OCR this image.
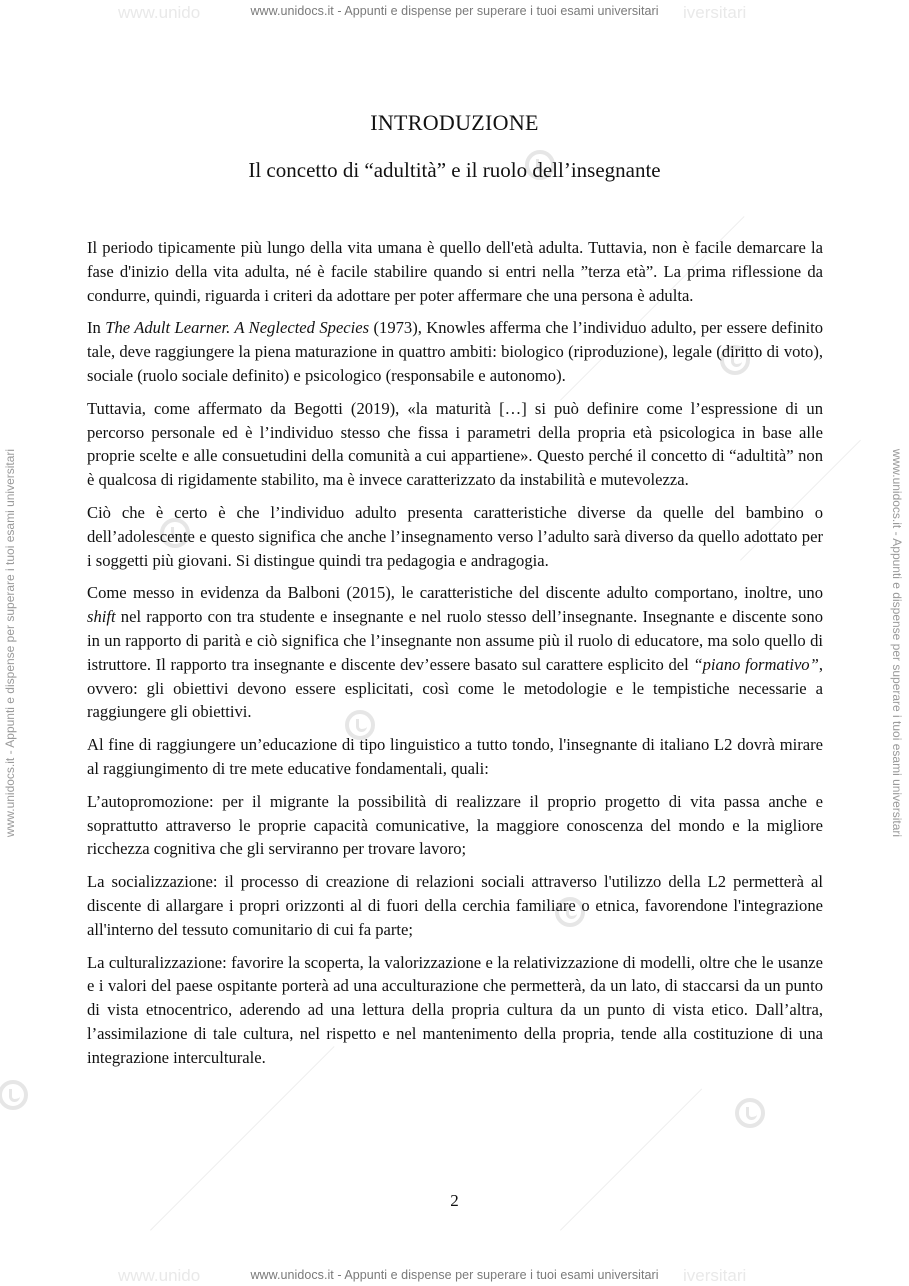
www.unido	iversitari
www.unido	iversitari
www.unidocs.it - Appunti e dispense per superare i tuoi esami universitari
www.unidocs.it - Appunti e dispense per superare i tuoi esami universitari
www.unidocs.it - Appunti e dispense per superare i tuoi esami universitari	www.unidocs.it - Appunti e dispense per superare i tuoi esami universitari
INTRODUZIONE
Il concetto di “adultità” e il ruolo dell’insegnante

Il periodo tipicamente più lungo della vita umana è quello dell'età adulta. Tuttavia, non è facile demarcare la fase d'inizio della vita adulta, né è facile stabilire quando si entri nella ”terza età”. La prima riflessione da condurre, quindi, riguarda i criteri da adottare per poter affermare che una persona è adulta.

In The Adult Learner. A Neglected Species (1973), Knowles afferma che l’individuo adulto, per essere definito tale, deve raggiungere la piena maturazione in quattro ambiti: biologico (riproduzione), legale (diritto di voto), sociale (ruolo sociale definito) e psicologico (responsabile e autonomo).

Tuttavia, come affermato da Begotti (2019), «la maturità […] si può definire come l’espressione di un percorso personale ed è l’individuo stesso che fissa i parametri della propria età psicologica in base alle proprie scelte e alle consuetudini della comunità a cui appartiene». Questo perché il concetto di “adultità” non è qualcosa di rigidamente stabilito, ma è invece caratterizzato da instabilità e mutevolezza.

Ciò che è certo è che l’individuo adulto presenta caratteristiche diverse da quelle del bambino o dell’adolescente e questo significa che anche l’insegnamento verso l’adulto sarà diverso da quello adottato per i soggetti più giovani. Si distingue quindi tra pedagogia e andragogia.

Come messo in evidenza da Balboni (2015), le caratteristiche del discente adulto comportano, inoltre, uno shift nel rapporto con tra studente e insegnante e nel ruolo stesso dell’insegnante. Insegnante e discente sono in un rapporto di parità e ciò significa che l’insegnante non assume più il ruolo di educatore, ma solo quello di istruttore. Il rapporto tra insegnante e discente dev’essere basato sul carattere esplicito del “piano formativo”, ovvero: gli obiettivi devono essere esplicitati, così come le metodologie e le tempistiche necessarie a raggiungere gli obiettivi.

Al fine di raggiungere un’educazione di tipo linguistico a tutto tondo, l'insegnante di italiano L2 dovrà mirare al raggiungimento di tre mete educative fondamentali, quali:

L’autopromozione: per il migrante la possibilità di realizzare il proprio progetto di vita passa anche e soprattutto attraverso le proprie capacità comunicative, la maggiore conoscenza del mondo e la migliore ricchezza cognitiva che gli serviranno per trovare lavoro;

La socializzazione: il processo di creazione di relazioni sociali attraverso l'utilizzo della L2 permetterà al discente di allargare i propri orizzonti al di fuori della cerchia familiare o etnica, favorendone l'integrazione all'interno del tessuto comunitario di cui fa parte;

La culturalizzazione: favorire la scoperta, la valorizzazione e la relativizzazione di modelli, oltre che le usanze e i valori del paese ospitante porterà ad una acculturazione che permetterà, da un lato, di staccarsi da un punto di vista etnocentrico, aderendo ad una lettura della propria cultura da un punto di vista etico. Dall’altra, l’assimilazione di tale cultura, nel rispetto e nel mantenimento della propria, tende alla costituzione di una integrazione interculturale.

2
